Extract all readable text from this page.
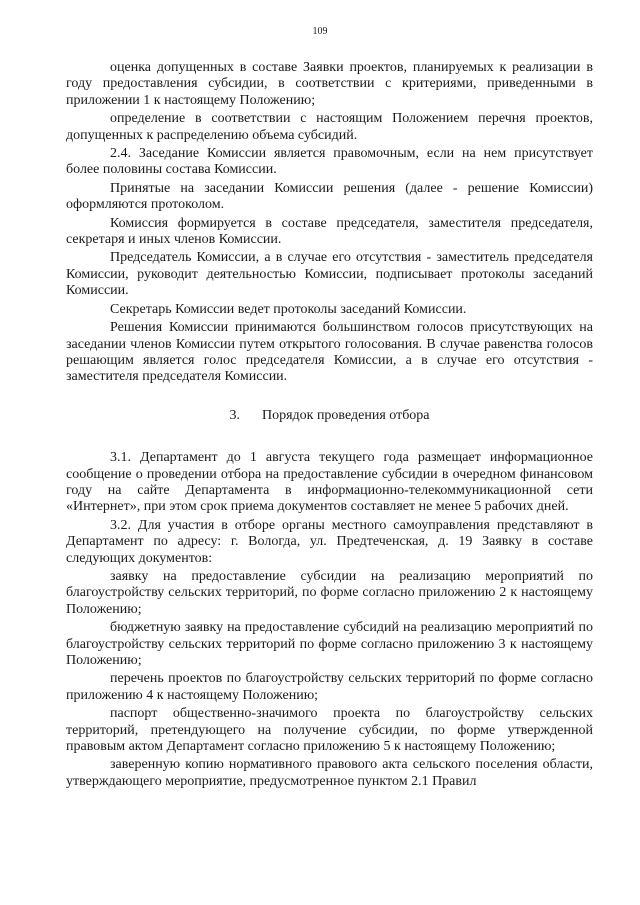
109

оценка допущенных в составе Заявки проектов, планируемых к реализации в году предоставления субсидии, в соответствии с критериями, приведенными в приложении 1 к настоящему Положению;

определение в соответствии с настоящим Положением перечня проектов, допущенных к распределению объема субсидий.

2.4. Заседание Комиссии является правомочным, если на нем присутствует более половины состава Комиссии.

Принятые на заседании Комиссии решения (далее - решение Комиссии) оформляются протоколом.

Комиссия формируется в составе председателя, заместителя председателя, секретаря и иных членов Комиссии.

Председатель Комиссии, а в случае его отсутствия - заместитель председателя Комиссии, руководит деятельностью Комиссии, подписывает протоколы заседаний Комиссии.

Секретарь Комиссии ведет протоколы заседаний Комиссии.

Решения Комиссии принимаются большинством голосов присутствующих на заседании членов Комиссии путем открытого голосования. В случае равенства голосов решающим является голос председателя Комиссии, а в случае его отсутствия - заместителя председателя Комиссии.

3. Порядок проведения отбора

3.1. Департамент до 1 августа текущего года размещает информационное сообщение о проведении отбора на предоставление субсидии в очередном финансовом году на сайте Департамента в информационно-телекоммуникационной сети «Интернет», при этом срок приема документов составляет не менее 5 рабочих дней.

3.2. Для участия в отборе органы местного самоуправления представляют в Департамент по адресу: г. Вологда, ул. Предтеченская, д. 19 Заявку в составе следующих документов:

заявку на предоставление субсидии на реализацию мероприятий по благоустройству сельских территорий, по форме согласно приложению 2 к настоящему Положению;

бюджетную заявку на предоставление субсидий на реализацию мероприятий по благоустройству сельских территорий по форме согласно приложению 3 к настоящему Положению;

перечень проектов по благоустройству сельских территорий по форме согласно приложению 4 к настоящему Положению;

паспорт общественно-значимого проекта по благоустройству сельских территорий, претендующего на получение субсидии, по форме утвержденной правовым актом Департамент согласно приложению 5 к настоящему Положению;

заверенную копию нормативного правового акта сельского поселения области, утверждающего мероприятие, предусмотренное пунктом 2.1 Правил
